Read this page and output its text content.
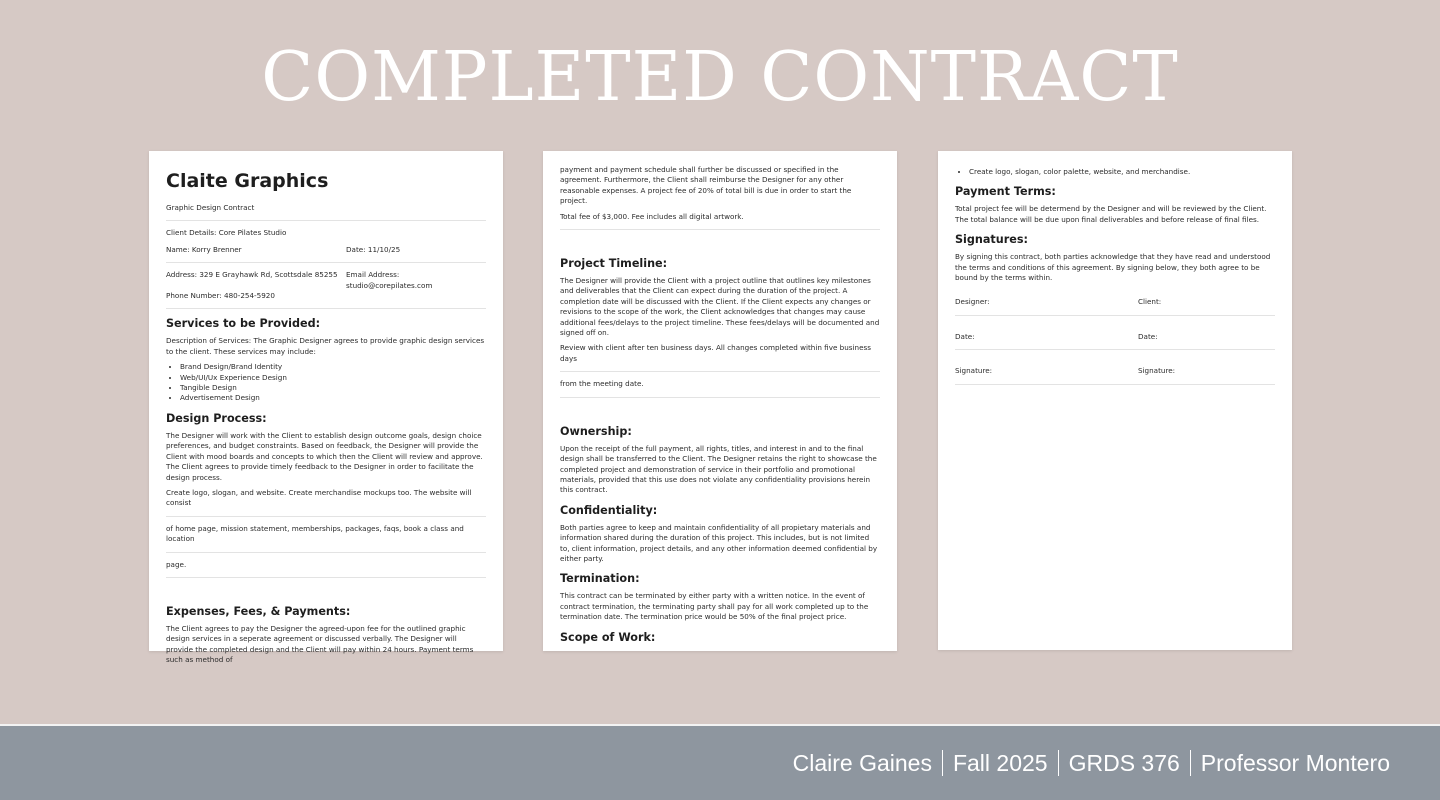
COMPLETED CONTRACT
Claite Graphics
Graphic Design Contract
Client Details: Core Pilates Studio
Name: Korry Brenner	Date: 11/10/25
Address: 329 E Grayhawk Rd, Scottsdale 85255	Email Address: studio@corepilates.com
Phone Number: 480-254-5920
Services to be Provided:
Description of Services: The Graphic Designer agrees to provide graphic design services to the client. These services may include:
• Brand Design/Brand Identity
• Web/UI/Ux Experience Design
• Tangible Design
• Advertisement Design
Design Process:
The Designer will work with the Client to establish design outcome goals, design choice preferences, and budget constraints. Based on feedback, the Designer will provide the Client with mood boards and concepts to which then the Client will review and approve. The Client agrees to provide timely feedback to the Designer in order to facilitate the design process.
Create logo, slogan, and website. Create merchandise mockups too. The website will consist
of home page, mission statement, memberships, packages, faqs, book a class and location
page.
Expenses, Fees, & Payments:
The Client agrees to pay the Designer the agreed-upon fee for the outlined graphic design services in a seperate agreement or discussed verbally. The Designer will provide the completed design and the Client will pay within 24 hours. Payment terms such as method of
payment and payment schedule shall further be discussed or specified in the agreement. Furthermore, the Client shall reimburse the Designer for any other reasonable expenses. A project fee of 20% of total bill is due in order to start the project.
Total fee of $3,000. Fee includes all digital artwork.
Project Timeline:
The Designer will provide the Client with a project outline that outlines key milestones and deliverables that the Client can expect during the duration of the project. A completion date will be discussed with the Client. If the Client expects any changes or revisions to the scope of the work, the Client acknowledges that changes may cause additional fees/delays to the project timeline. These fees/delays will be documented and signed off on.
Review with client after ten business days. All changes completed within five business days
from the meeting date.
Ownership:
Upon the receipt of the full payment, all rights, titles, and interest in and to the final design shall be transferred to the Client. The Designer retains the right to showcase the completed project and demonstration of service in their portfolio and promotional materials, provided that this use does not violate any confidentiality provisions herein this contract.
Confidentiality:
Both parties agree to keep and maintain confidentiality of all propietary materials and information shared during the duration of this project. This includes, but is not limited to, client information, project details, and any other information deemed confidential by either party.
Termination:
This contract can be terminated by either party with a written notice. In the event of contract termination, the terminating party shall pay for all work completed up to the termination date. The termination price would be 50% of the final project price.
Scope of Work:
• Create logo, slogan, color palette, website, and merchandise.
Payment Terms:
Total project fee will be determend by the Designer and will be reviewed by the Client. The total balance will be due upon final deliverables and before release of final files.
Signatures:
By signing this contract, both parties acknowledge that they have read and understood the terms and conditions of this agreement. By signing below, they both agree to be bound by the terms within.
Designer:	Client:
Date:	Date:
Signature:	Signature:
Claire Gaines Fall 2025 GRDS 376 Professor Montero
